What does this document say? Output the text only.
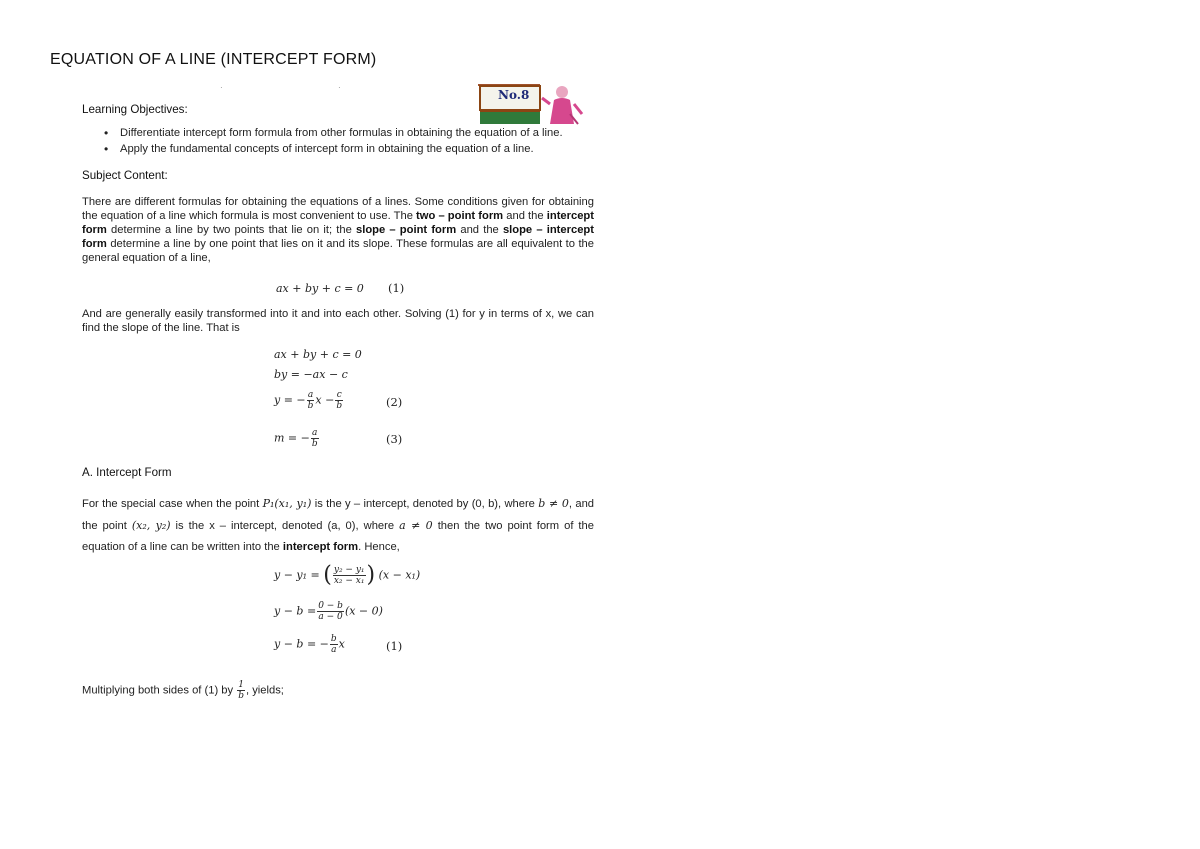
EQUATION OF A LINE (INTERCEPT FORM)
·	·
No.8
Learning Objectives:
• Differentiate intercept form formula from other formulas in obtaining the equation of a line.
• Apply the fundamental concepts of intercept form in obtaining the equation of a line.
Subject Content:
There are different formulas for obtaining the equations of a lines. Some conditions given for obtaining the equation of a line which formula is most convenient to use. The two – point form and the intercept form determine a line by two points that lie on it; the slope – point form and the slope – intercept form determine a line by one point that lies on it and its slope. These formulas are all equivalent to the general equation of a line,
ax + by + c = 0 (1)
And are generally easily transformed into it and into each other. Solving (1) for y in terms of x, we can find the slope of the line. That is
ax + by + c = 0
by = −ax − c
y = − $\frac{a}{b}$ $x - \frac{c}{b}$	(2)
m = − $\frac{a}{b}$	(3)
A. Intercept Form
For the special case when the point P₁(x₁, y₁) is the y – intercept, denoted by (0, b), where b ≠ 0, and the point (x₂, y₂) is the x – intercept, denoted (a, 0), where a ≠ 0 then the two point form of the equation of a line can be written into the intercept form. Hence,
y − y₁ = ( $\frac{\text{y₂ − y₁}}{\text{x₂ − x₁}}$ ) (x − x₁)
$y - b = \frac{0 - b}{a - 0} (x - 0)$
y − b = − $\frac{b}{a}$ x	(1)
Multiplying both sides of (1) by $\frac{1}{b}$ , yields;
